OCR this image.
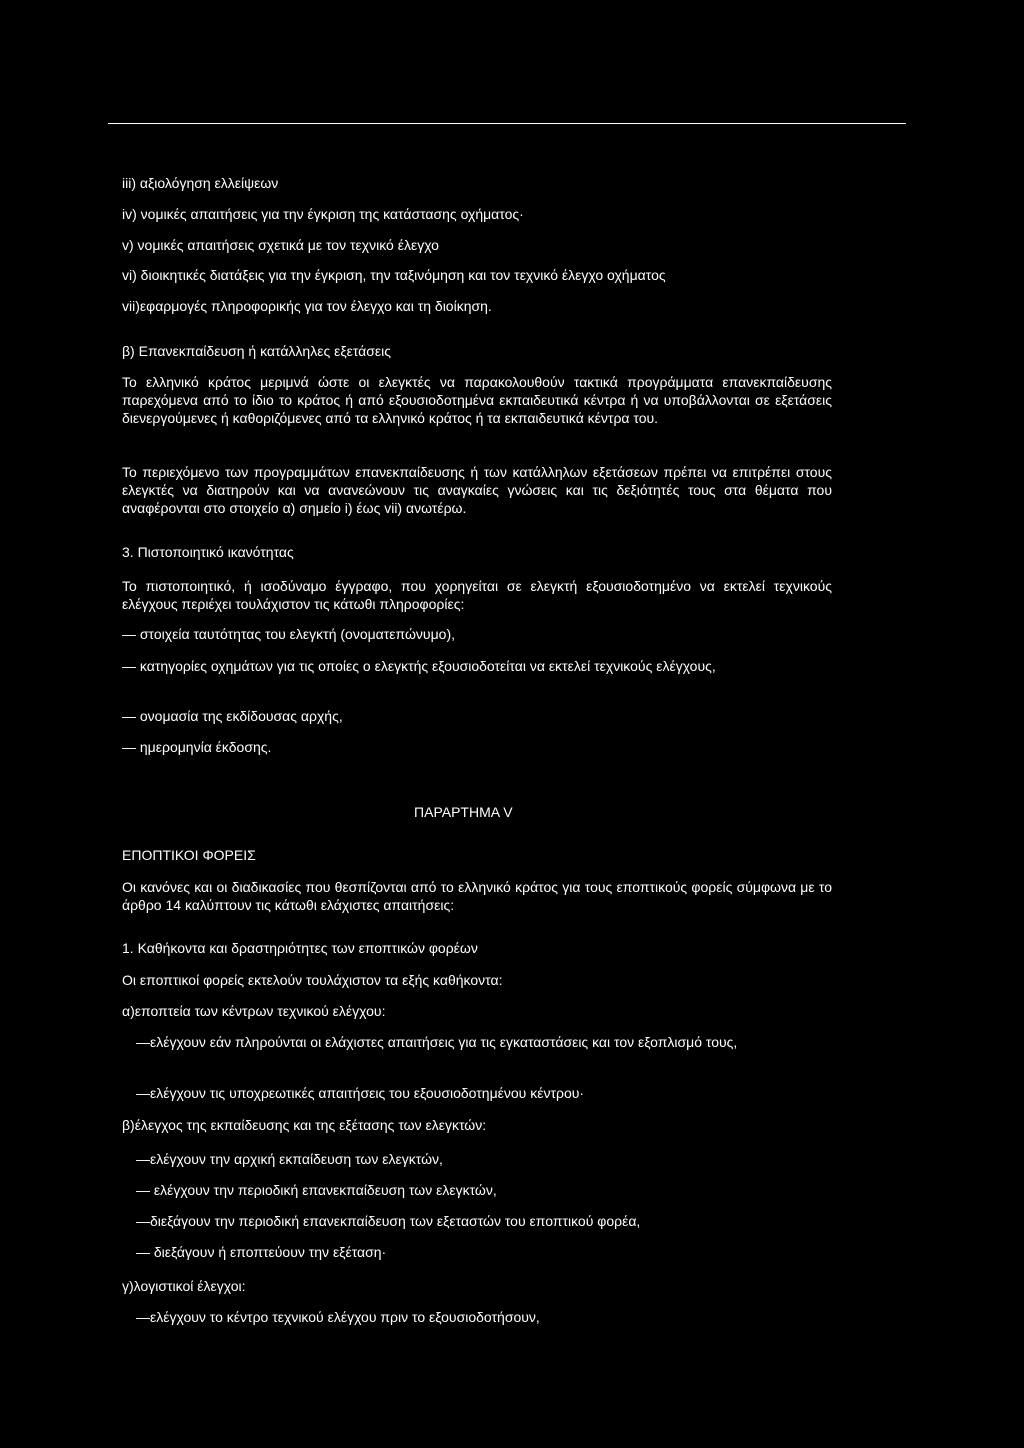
iii) αξιολόγηση ελλείψεων
iv) νομικές απαιτήσεις για την έγκριση της κατάστασης οχήματος·
v) νομικές απαιτήσεις σχετικά με τον τεχνικό έλεγχο
vi) διοικητικές διατάξεις για την έγκριση, την ταξινόμηση και τον τεχνικό έλεγχο οχήματος
vii)εφαρμογές πληροφορικής για τον έλεγχο και τη διοίκηση.
β) Επανεκπαίδευση ή κατάλληλες εξετάσεις
Το ελληνικό κράτος μεριμνά ώστε οι ελεγκτές να παρακολουθούν τακτικά προγράμματα επανεκπαίδευσης παρεχόμενα από το ίδιο το κράτος ή από εξουσιοδοτημένα εκπαιδευτικά κέντρα ή να υποβάλλονται σε εξετάσεις διενεργούμενες ή καθοριζόμενες από τα ελληνικό κράτος ή τα εκπαιδευτικά κέντρα του.
Το περιεχόμενο των προγραμμάτων επανεκπαίδευσης ή των κατάλληλων εξετάσεων πρέπει να επιτρέπει στους ελεγκτές να διατηρούν και να ανανεώνουν τις αναγκαίες γνώσεις και τις δεξιότητές τους στα θέματα που αναφέρονται στο στοιχείο α) σημείο i) έως vii) ανωτέρω.
3. Πιστοποιητικό ικανότητας
Το πιστοποιητικό, ή ισοδύναμο έγγραφο, που χορηγείται σε ελεγκτή εξουσιοδοτημένο να εκτελεί τεχνικούς ελέγχους περιέχει τουλάχιστον τις κάτωθι πληροφορίες:
— στοιχεία ταυτότητας του ελεγκτή (ονοματεπώνυμο),
— κατηγορίες οχημάτων για τις οποίες ο ελεγκτής εξουσιοδοτείται να εκτελεί τεχνικούς ελέγχους,
— ονομασία της εκδίδουσας αρχής,
— ημερομηνία έκδοσης.
ΠΑΡΑΡΤΗΜΑ V
ΕΠΟΠΤΙΚΟΙ ΦΟΡΕΙΣ
Οι κανόνες και οι διαδικασίες που θεσπίζονται από το ελληνικό κράτος για τους εποπτικούς φορείς σύμφωνα με το άρθρο 14 καλύπτουν τις κάτωθι ελάχιστες απαιτήσεις:
1. Καθήκοντα και δραστηριότητες των εποπτικών φορέων
Οι εποπτικοί φορείς εκτελούν τουλάχιστον τα εξής καθήκοντα:
α)εποπτεία των κέντρων τεχνικού ελέγχου:
—ελέγχουν εάν πληρούνται οι ελάχιστες απαιτήσεις για τις εγκαταστάσεις και τον εξοπλισμό τους,
—ελέγχουν τις υποχρεωτικές απαιτήσεις του εξουσιοδοτημένου κέντρου·
β)έλεγχος της εκπαίδευσης και της εξέτασης των ελεγκτών:
—ελέγχουν την αρχική εκπαίδευση των ελεγκτών,
— ελέγχουν την περιοδική επανεκπαίδευση των ελεγκτών,
—διεξάγουν την περιοδική επανεκπαίδευση των εξεταστών του εποπτικού φορέα,
— διεξάγουν ή εποπτεύουν την εξέταση·
γ)λογιστικοί έλεγχοι:
—ελέγχουν το κέντρο τεχνικού ελέγχου πριν το εξουσιοδοτήσουν,
